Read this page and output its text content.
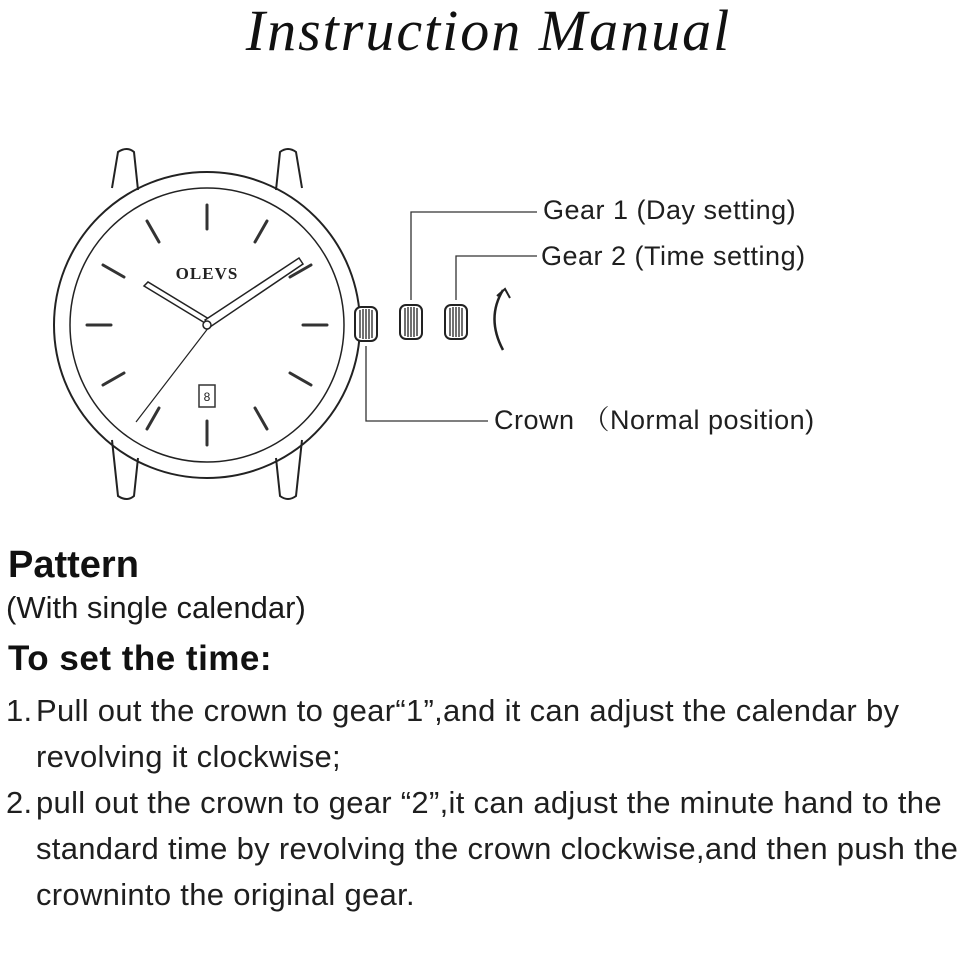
Instruction Manual
OLEVS
8
Gear 1 (Day setting)
Gear 2 (Time setting)
Crown （Normal position)
Pattern
(With single calendar)
To set the time:
1. Pull out the crown to gear“1”,and it can adjust the calendar by revolving it clockwise;
2. pull out the crown to gear “2”,it can adjust the minute hand to the standard time by revolving the crown clockwise,and then push the crowninto the original gear.
